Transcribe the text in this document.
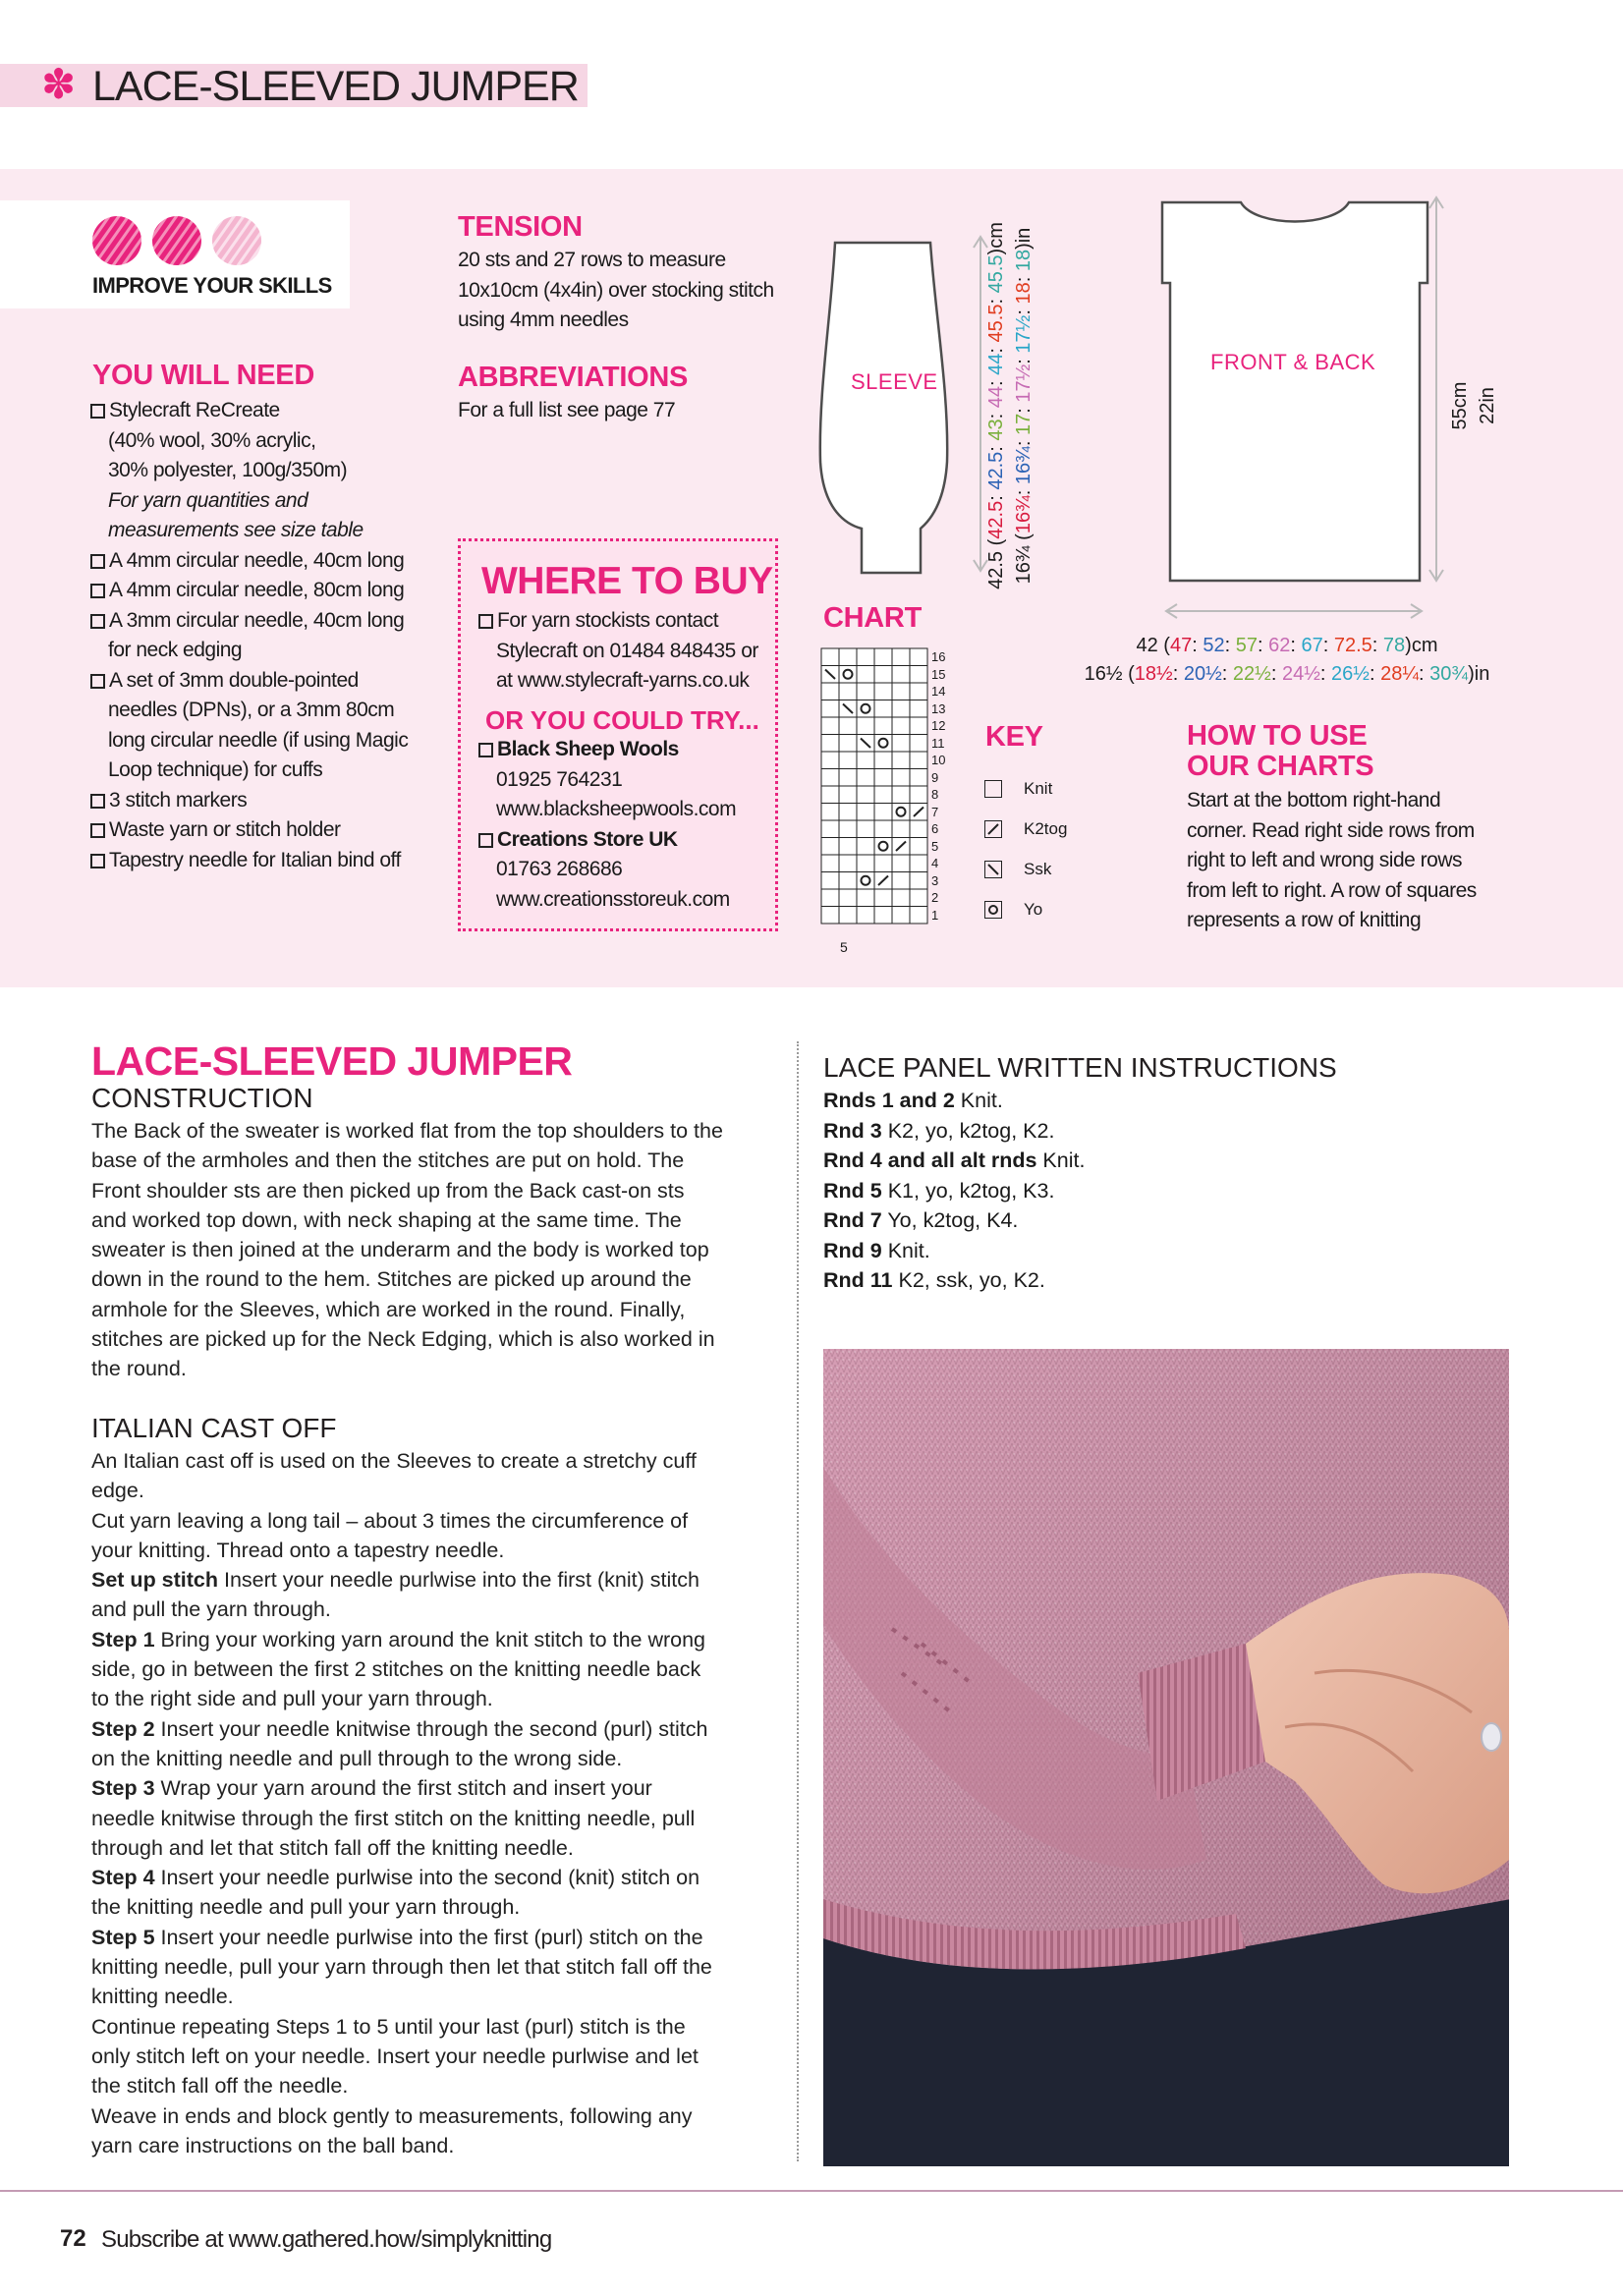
✽ LACE-SLEEVED JUMPER
IMPROVE YOUR SKILLS
YOU WILL NEED
Stylecraft ReCreate
(40% wool, 30% acrylic,
30% polyester, 100g/350m)
For yarn quantities and
measurements see size table
A 4mm circular needle, 40cm long
A 4mm circular needle, 80cm long
A 3mm circular needle, 40cm long
for neck edging
A set of 3mm double-pointed
needles (DPNs), or a 3mm 80cm
long circular needle (if using Magic
Loop technique) for cuffs
3 stitch markers
Waste yarn or stitch holder
Tapestry needle for Italian bind off
TENSION
20 sts and 27 rows to measure
10x10cm (4x4in) over stocking stitch
using 4mm needles
ABBREVIATIONS
For a full list see page 77
WHERE TO BUY
For yarn stockists contact
Stylecraft on 01484 848435 or
at www.stylecraft-yarns.co.uk
OR YOU COULD TRY...
Black Sheep Wools
01925 764231
www.blacksheepwools.com
Creations Store UK
01763 268686
www.creationsstoreuk.com
SLEEVE
42.5 (42.5: 42.5: 43: 44: 44: 45.5: 45.5)cm
16¾ (16¾: 16¾: 17: 17½: 17½: 18: 18)in
FRONT & BACK
55cm 22in
42 (47: 52: 57: 62: 67: 72.5: 78)cm
16½ (18½: 20½: 22½: 24½: 26½: 28¼: 30¾)in
CHART
16
15
14
13
12
11
10
9
8
7
6
5
4
3
2
1
5
KEY
Knit
K2tog
Ssk
Yo
HOW TO USE
OUR CHARTS
Start at the bottom right-hand
corner. Read right side rows from
right to left and wrong side rows
from left to right. A row of squares
represents a row of knitting
LACE-SLEEVED JUMPER
CONSTRUCTION
The Back of the sweater is worked flat from the top shoulders to the
base of the armholes and then the stitches are put on hold. The
Front shoulder sts are then picked up from the Back cast-on sts
and worked top down, with neck shaping at the same time. The
sweater is then joined at the underarm and the body is worked top
down in the round to the hem. Stitches are picked up around the
armhole for the Sleeves, which are worked in the round. Finally,
stitches are picked up for the Neck Edging, which is also worked in
the round.
ITALIAN CAST OFF
An Italian cast off is used on the Sleeves to create a stretchy cuff
edge.
Cut yarn leaving a long tail – about 3 times the circumference of
your knitting. Thread onto a tapestry needle.
Set up stitch Insert your needle purlwise into the first (knit) stitch
and pull the yarn through.
Step 1 Bring your working yarn around the knit stitch to the wrong
side, go in between the first 2 stitches on the knitting needle back
to the right side and pull your yarn through.
Step 2 Insert your needle knitwise through the second (purl) stitch
on the knitting needle and pull through to the wrong side.
Step 3 Wrap your yarn around the first stitch and insert your
needle knitwise through the first stitch on the knitting needle, pull
through and let that stitch fall off the knitting needle.
Step 4 Insert your needle purlwise into the second (knit) stitch on
the knitting needle and pull your yarn through.
Step 5 Insert your needle purlwise into the first (purl) stitch on the
knitting needle, pull your yarn through then let that stitch fall off the
knitting needle.
Continue repeating Steps 1 to 5 until your last (purl) stitch is the
only stitch left on your needle. Insert your needle purlwise and let
the stitch fall off the needle.
Weave in ends and block gently to measurements, following any
yarn care instructions on the ball band.
LACE PANEL WRITTEN INSTRUCTIONS
Rnds 1 and 2 Knit.
Rnd 3 K2, yo, k2tog, K2.
Rnd 4 and all alt rnds Knit.
Rnd 5 K1, yo, k2tog, K3.
Rnd 7 Yo, k2tog, K4.
Rnd 9 Knit.
Rnd 11 K2, ssk, yo, K2.
72 Subscribe at www.gathered.how/simplyknitting
